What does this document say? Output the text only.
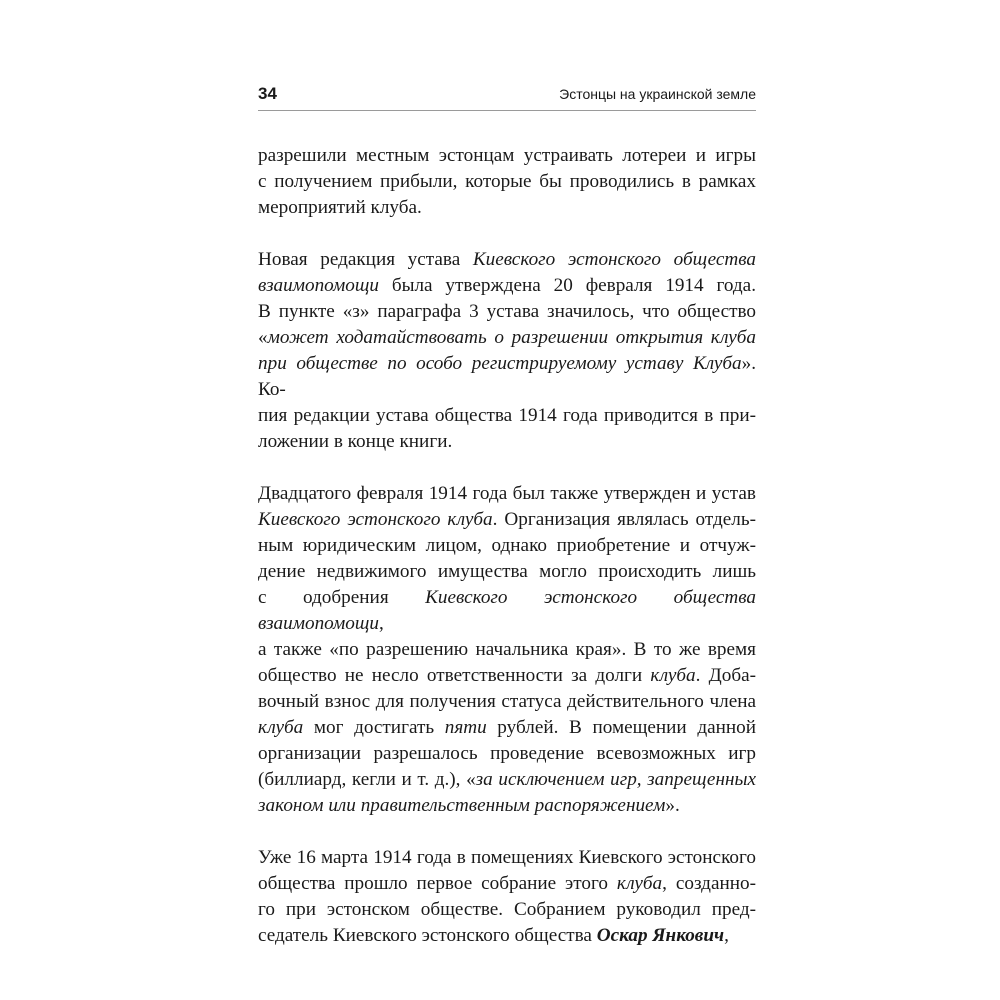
34	Эстонцы на украинской земле
разрешили местным эстонцам устраивать лотереи и игры
с получением прибыли, которые бы проводились в рамках
мероприятий клуба.
Новая редакция устава Киевского эстонского общества
взаимопомощи была утверждена 20 февраля 1914 года.
В пункте «з» параграфа 3 устава значилось, что общество
«может ходатайствовать о разрешении открытия клуба
при обществе по особо регистрируемому уставу Клуба». Ко-
пия редакции устава общества 1914 года приводится в при-
ложении в конце книги.
Двадцатого февраля 1914 года был также утвержден и устав
Киевского эстонского клуба. Организация являлась отдель-
ным юридическим лицом, однако приобретение и отчуж-
дение недвижимого имущества могло происходить лишь
с одобрения Киевского эстонского общества взаимопомощи,
а также «по разрешению начальника края». В то же время
общество не несло ответственности за долги клуба. Доба-
вочный взнос для получения статуса действительного члена
клуба мог достигать пяти рублей. В помещении данной
организации разрешалось проведение всевозможных игр
(биллиард, кегли и т. д.), «за исключением игр, запрещенных
законом или правительственным распоряжением».
Уже 16 марта 1914 года в помещениях Киевского эстонского
общества прошло первое собрание этого клуба, созданно-
го при эстонском обществе. Собранием руководил пред-
седатель Киевского эстонского общества Оскар Янкович,
